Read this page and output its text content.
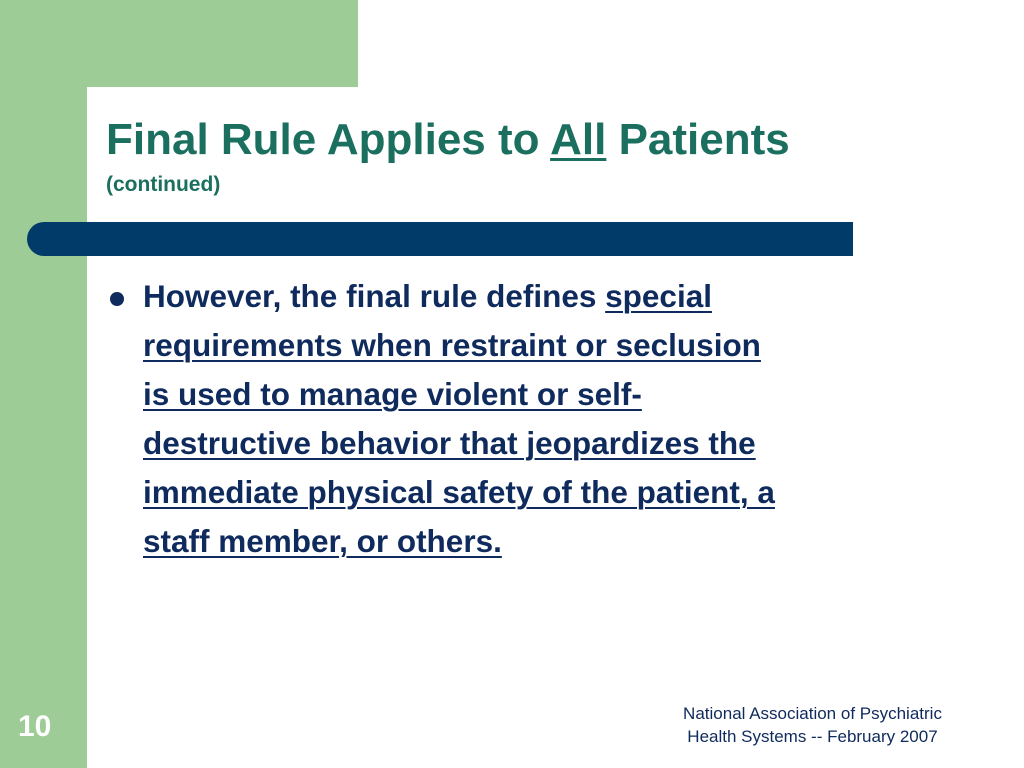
Final Rule Applies to All Patients
(continued)

However, the final rule defines special
requirements when restraint or seclusion
is used to manage violent or self-
destructive behavior that jeopardizes the
immediate physical safety of the patient, a
staff member, or others.

10	National Association of Psychiatric
Health Systems -- February 2007
